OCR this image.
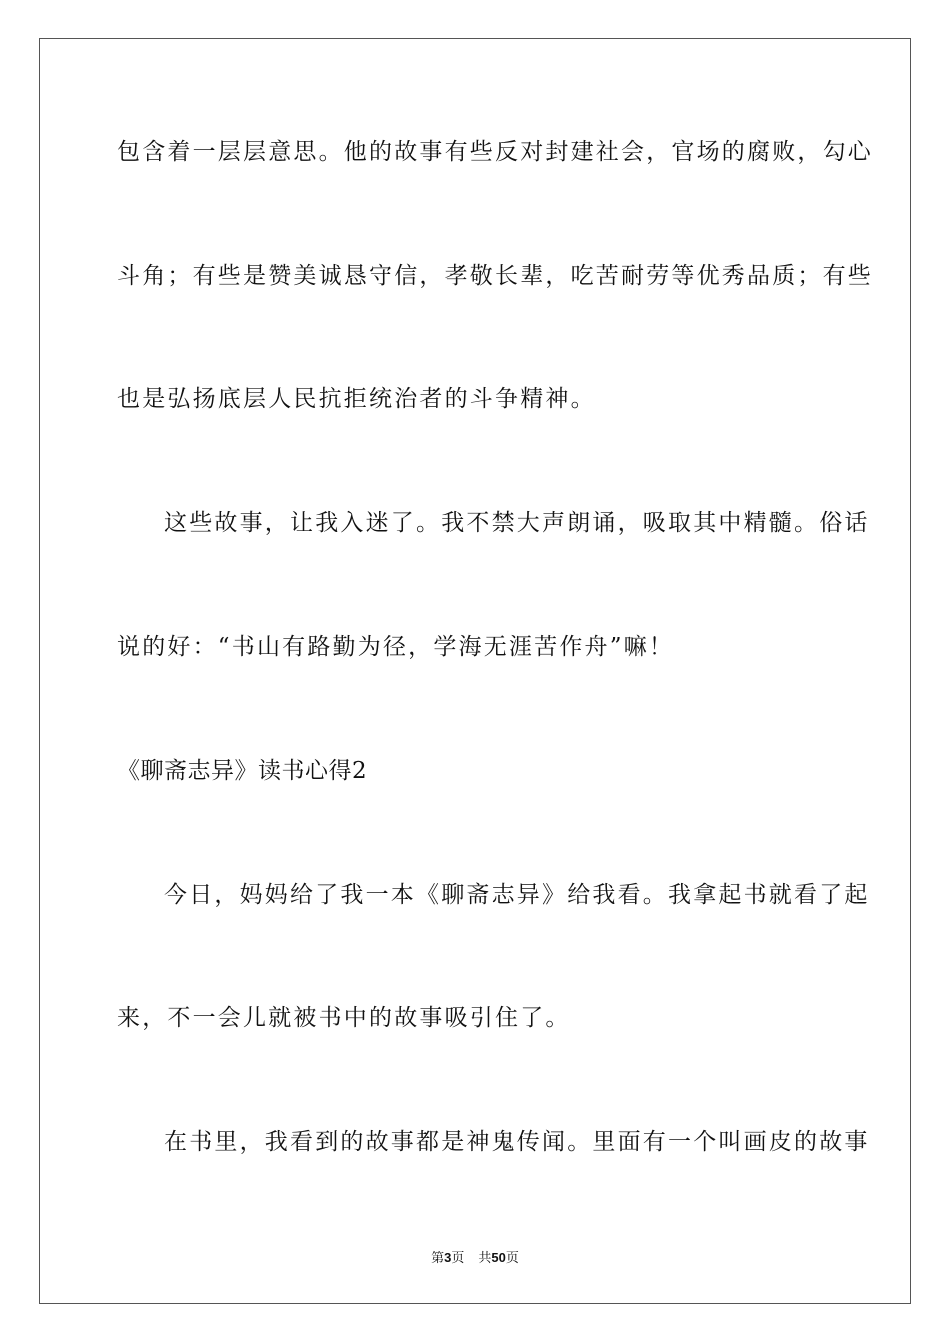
包含着一层层意思。他的故事有些反对封建社会，官场的腐败，勾心
斗角；有些是赞美诚恳守信，孝敬长辈，吃苦耐劳等优秀品质；有些
也是弘扬底层人民抗拒统治者的斗争精神。
这些故事，让我入迷了。我不禁大声朗诵，吸取其中精髓。俗话
说的好：“书山有路勤为径，学海无涯苦作舟”嘛！
《聊斋志异》读书心得2
今日，妈妈给了我一本《聊斋志异》给我看。我拿起书就看了起
来，不一会儿就被书中的故事吸引住了。
在书里，我看到的故事都是神鬼传闻。里面有一个叫画皮的故事
第3页 共50页
